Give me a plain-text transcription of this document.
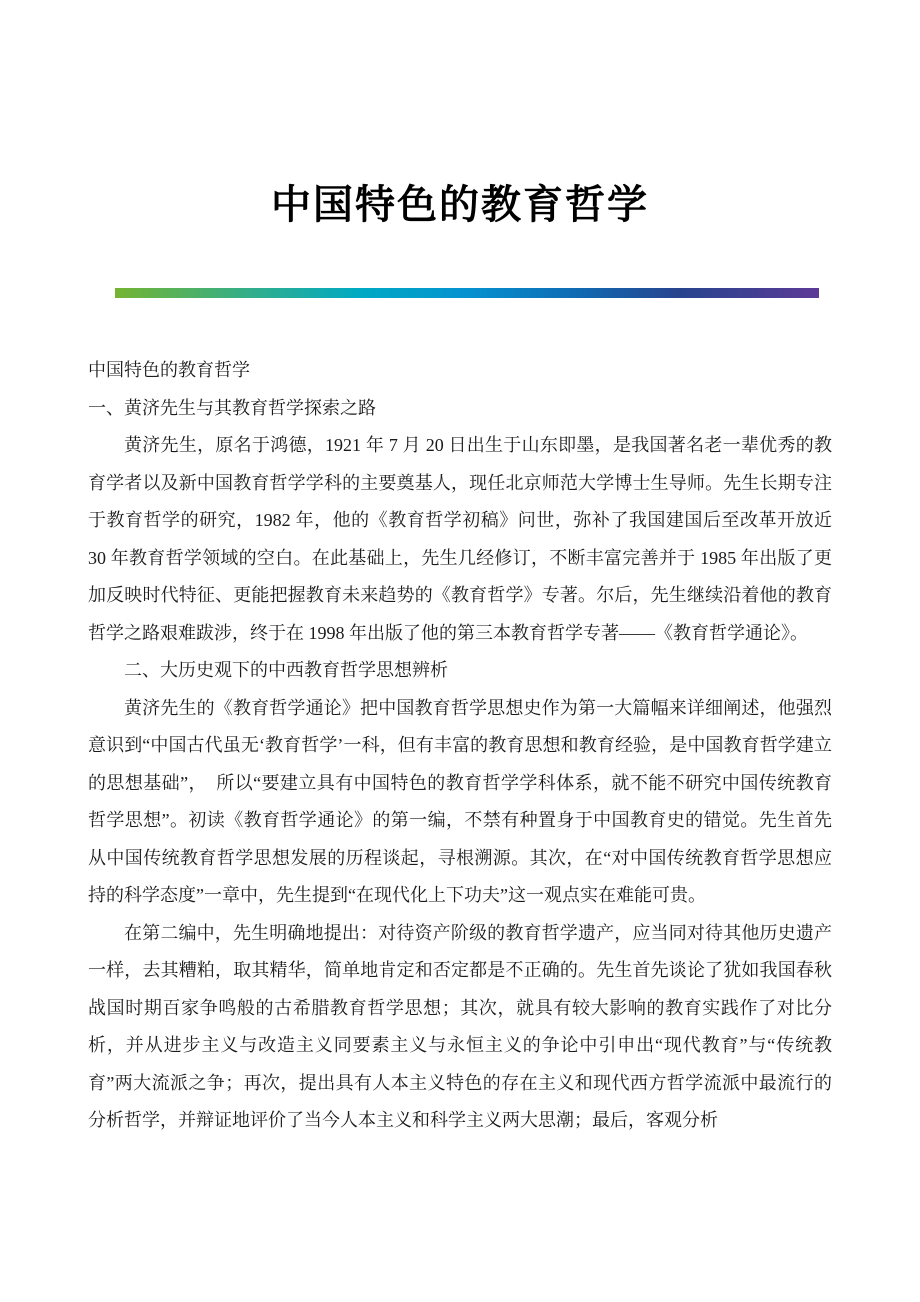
中国特色的教育哲学

中国特色的教育哲学

一、黄济先生与其教育哲学探索之路

黄济先生，原名于鸿德，1921 年 7 月 20 日出生于山东即墨，是我国著名老一辈优秀的教育学者以及新中国教育哲学学科的主要奠基人，现任北京师范大学博士生导师。先生长期专注于教育哲学的研究，1982 年，他的《教育哲学初稿》问世，弥补了我国建国后至改革开放近 30 年教育哲学领域的空白。在此基础上，先生几经修订，不断丰富完善并于 1985 年出版了更加反映时代特征、更能把握教育未来趋势的《教育哲学》专著。尔后，先生继续沿着他的教育哲学之路艰难跋涉，终于在 1998 年出版了他的第三本教育哲学专著——《教育哲学通论》。

二、大历史观下的中西教育哲学思想辨析

黄济先生的《教育哲学通论》把中国教育哲学思想史作为第一大篇幅来详细阐述，他强烈意识到“中国古代虽无‘教育哲学’一科，但有丰富的教育思想和教育经验，是中国教育哲学建立的思想基础”，　所以“要建立具有中国特色的教育哲学学科体系，就不能不研究中国传统教育哲学思想”。初读《教育哲学通论》的第一编，不禁有种置身于中国教育史的错觉。先生首先从中国传统教育哲学思想发展的历程谈起，寻根溯源。其次，在“对中国传统教育哲学思想应持的科学态度”一章中，先生提到“在现代化上下功夫”这一观点实在难能可贵。

在第二编中，先生明确地提出：对待资产阶级的教育哲学遗产，应当同对待其他历史遗产一样，去其糟粕，取其精华，简单地肯定和否定都是不正确的。先生首先谈论了犹如我国春秋战国时期百家争鸣般的古希腊教育哲学思想；其次，就具有较大影响的教育实践作了对比分析，并从进步主义与改造主义同要素主义与永恒主义的争论中引申出“现代教育”与“传统教育”两大流派之争；再次，提出具有人本主义特色的存在主义和现代西方哲学流派中最流行的分析哲学，并辩证地评价了当今人本主义和科学主义两大思潮；最后，客观分析
